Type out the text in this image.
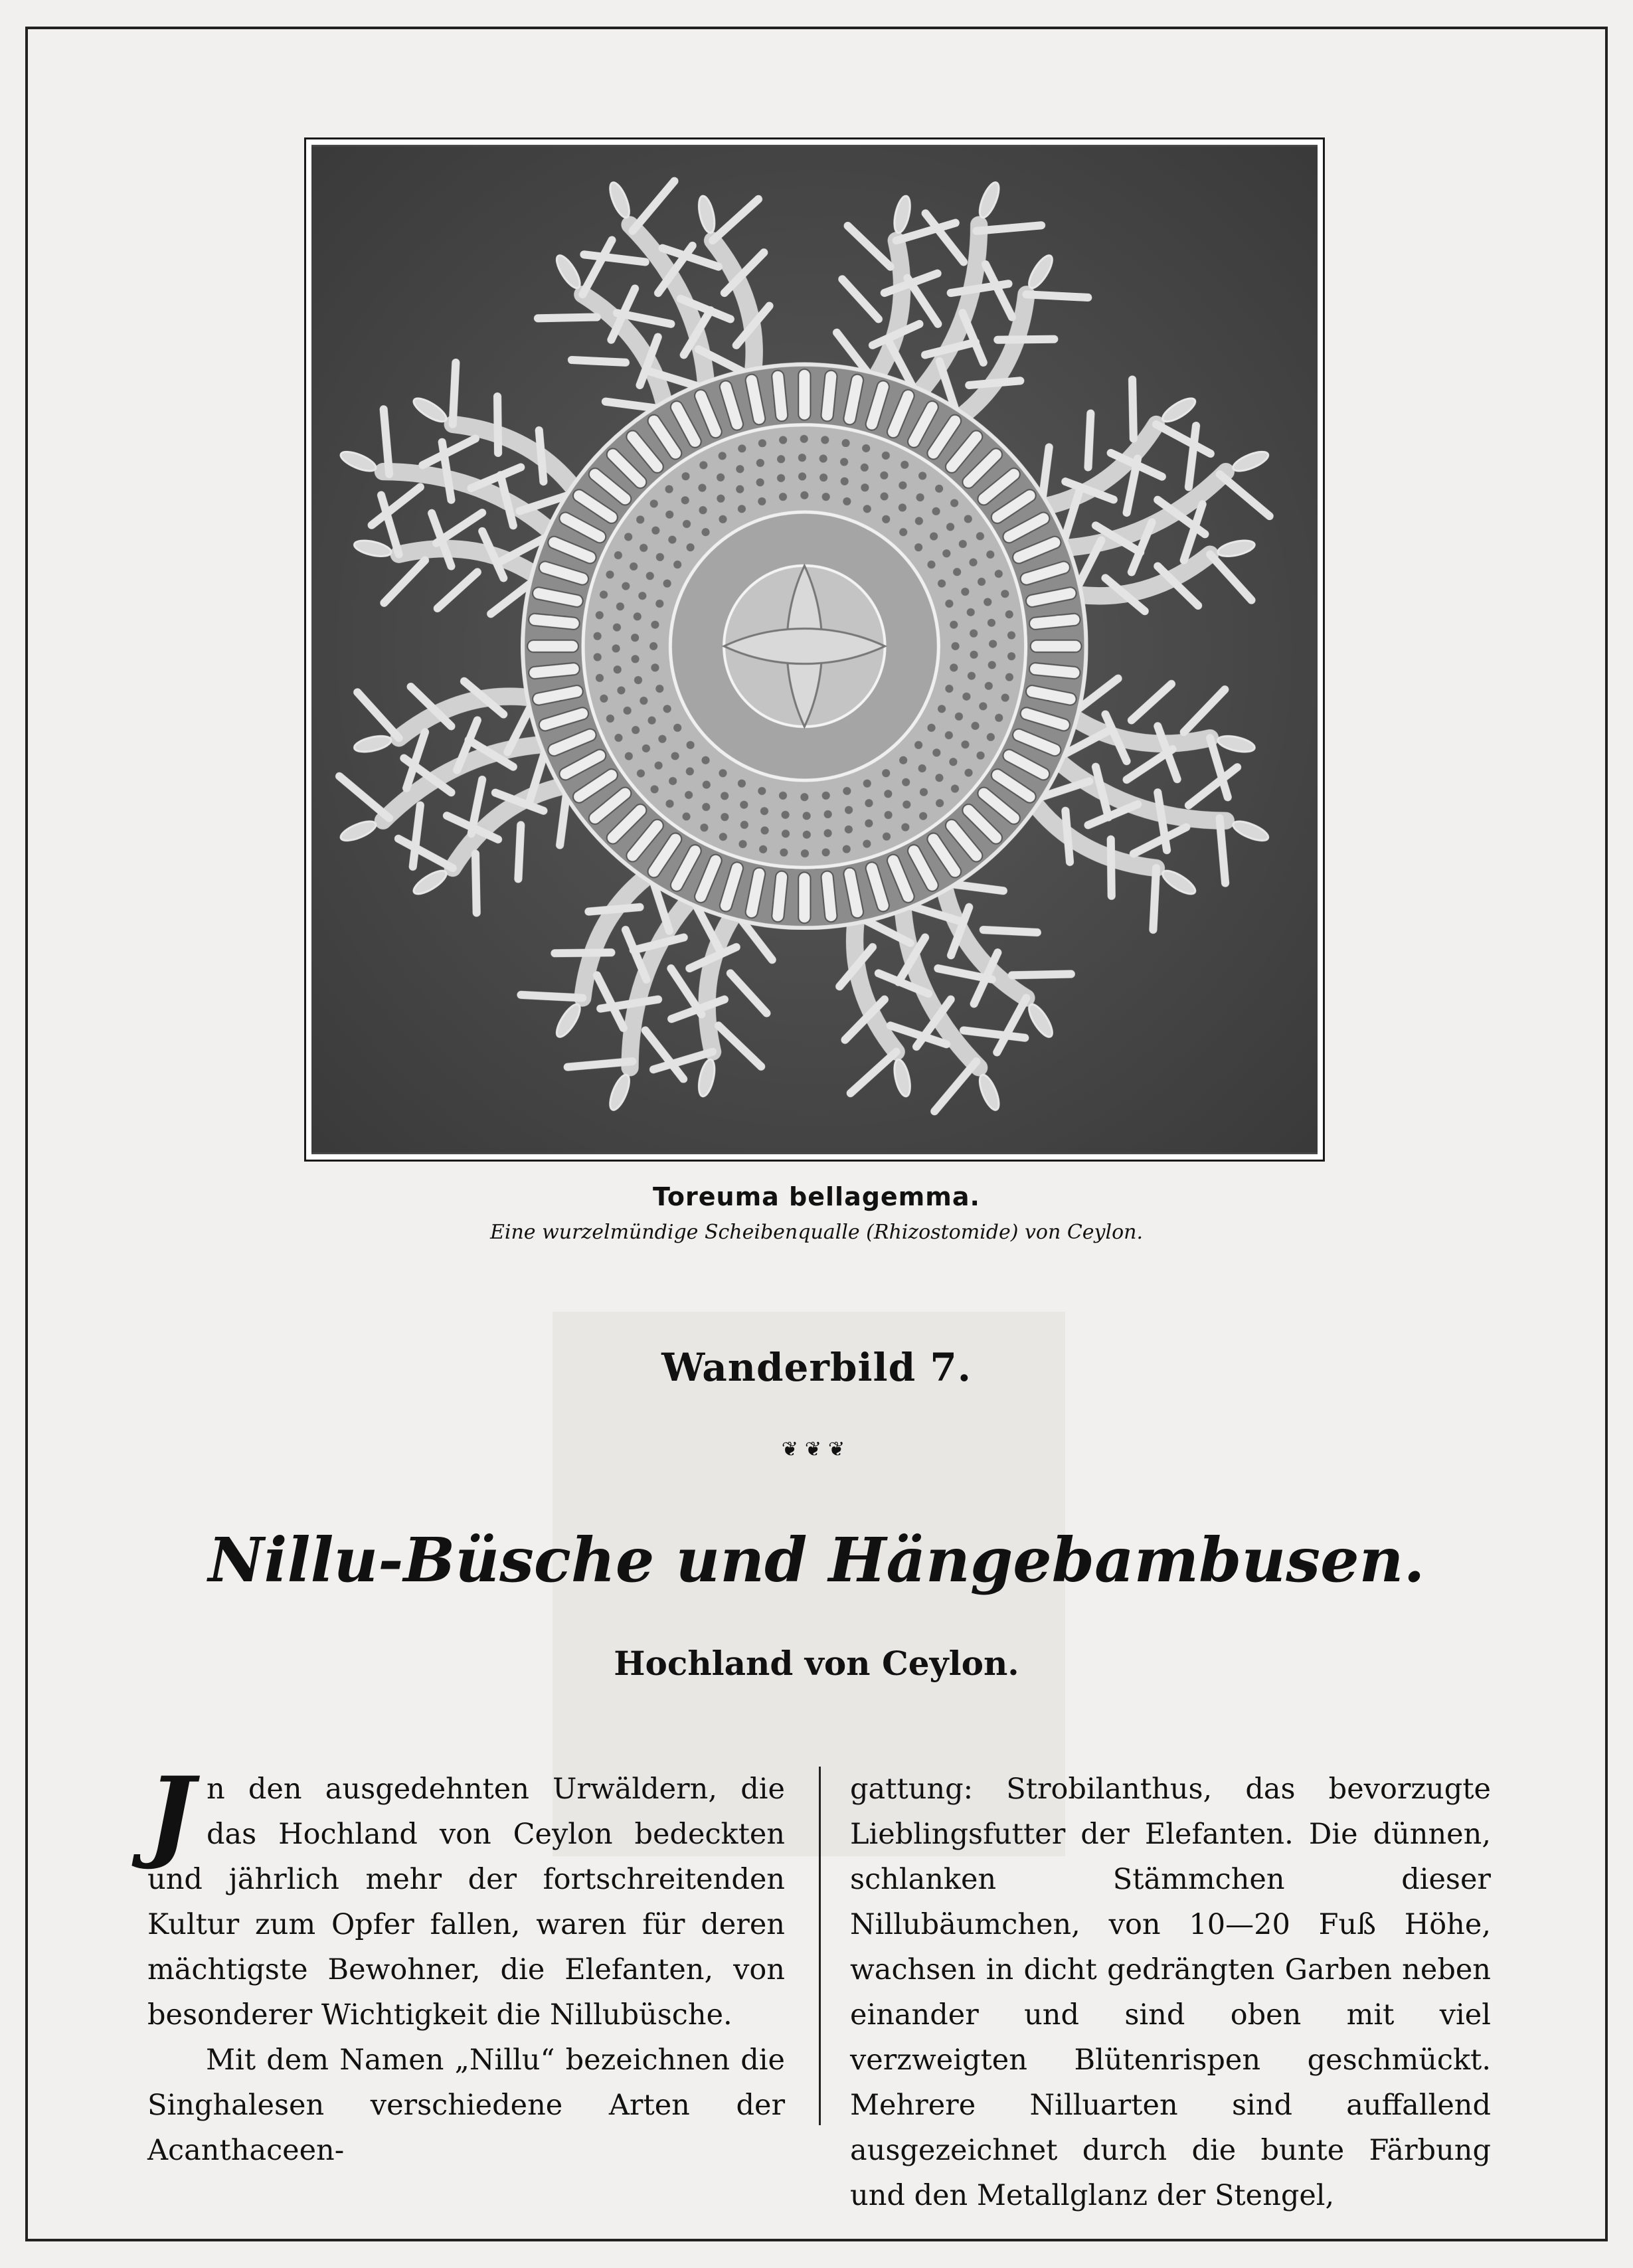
Toreuma bellagemma.
Eine wurzelmündige Scheibenqualle (Rhizostomide) von Ceylon.
Wanderbild 7.
❦❦❦
Nillu-Büsche und Hängebambusen.
Hochland von Ceylon.

Jn den ausgedehnten Urwäldern, die das Hochland von Ceylon bedeckten und jährlich mehr der fortschreitenden Kultur zum Opfer fallen, waren für deren mächtigste Bewohner, die Elefanten, von besonderer Wichtigkeit die Nillubüsche.

Mit dem Namen „Nillu“ bezeichnen die Singhalesen verschiedene Arten der Acanthaceen-

gattung: Strobilanthus, das bevorzugte Lieblingsfutter der Elefanten. Die dünnen, schlanken Stämmchen dieser Nillubäumchen, von 10—20 Fuß Höhe, wachsen in dicht gedrängten Garben neben einander und sind oben mit viel verzweigten Blütenrispen geschmückt. Mehrere Nilluarten sind auffallend ausgezeichnet durch die bunte Färbung und den Metallglanz der Stengel,
